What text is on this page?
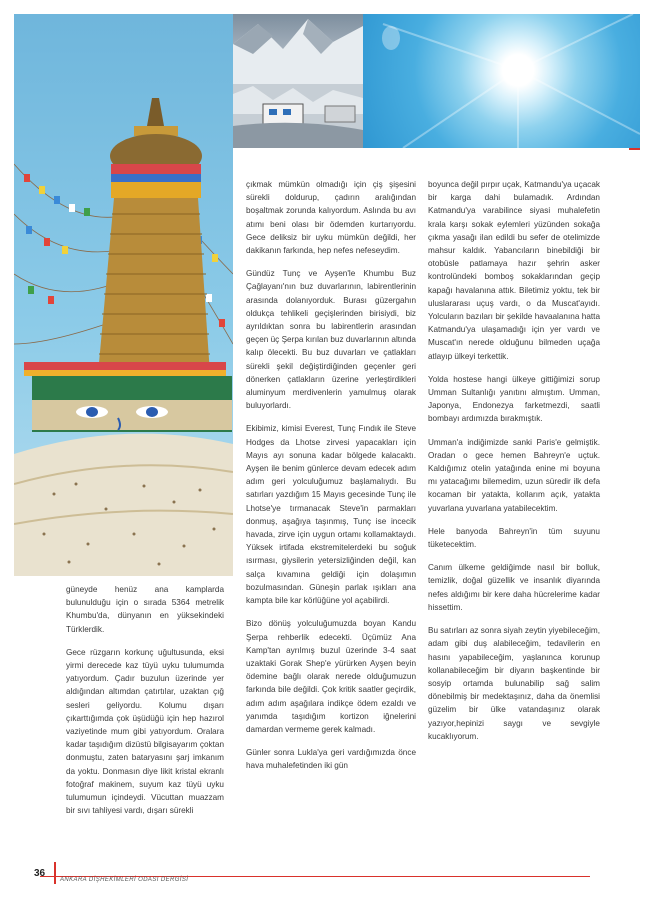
güneyde henüz ana kamplarda bulunulduğu için o sırada 5364 metrelik Khumbu'da, dünyanın en yüksekindeki Türklerdik.

Gece rüzgarın korkunç uğultusunda, eksi yirmi derecede kaz tüyü uyku tulumumda yatıyordum. Çadır buzulun üzerinde yer aldığından altımdan çatırtılar, uzaktan çığ sesleri geliyordu. Kolumu dışarı çıkarttığımda çok üşüdüğü için hep hazırol vaziyetinde mum gibi yatıyordum. Oralara kadar taşıdığım dizüstü bilgisayarım çoktan donmuştu, zaten bataryasını şarj imkanım da yoktu. Donmasın diye likit kristal ekranlı fotoğraf makinem, suyum kaz tüyü uyku tulumumun içindeydi. Vücuttan muazzam bir sıvı tahliyesi vardı, dışarı sürekli

çıkmak mümkün olmadığı için çiş şişesini sürekli doldurup, çadırın aralığından boşaltmak zorunda kalıyordum. Aslında bu avı atımı beni olası bir ödemden kurtarıyordu. Gece deliksiz bir uyku mümkün değildi, her dakikanın farkında, hep nefes nefeseydim.

Gündüz Tunç ve Ayşen'le Khumbu Buz Çağlayanı'nın buz duvarlarının, labirentlerinin arasında dolanıyorduk. Burası güzergahın oldukça tehlikeli geçişlerinden birisiydi, biz ayrıldıktan sonra bu labirentlerin arasından geçen üç Şerpa kırılan buz duvarlarının altında kalıp ölecekti. Bu buz duvarları ve çatlakları sürekli şekil değiştirdiğinden geçenler geri dönerken çatlakların üzerine yerleştirdikleri aluminyum merdivenlerin yamulmuş olarak buluyorlardı.

Ekibimiz, kimisi Everest, Tunç Fındık ile Steve Hodges da Lhotse zirvesi yapacakları için Mayıs ayı sonuna kadar bölgede kalacaktı. Ayşen ile benim günlerce devam edecek adım adım geri yolculuğumuz başlamalıydı. Bu satırları yazdığım 15 Mayıs gecesinde Tunç ile Lhotse'ye tırmanacak Steve'in parmakları donmuş, aşağıya taşınmış, Tunç ise incecik havada, zirve için uygun ortamı kollamaktaydı. Yüksek irtifada ekstremitelerdeki bu soğuk ısırması, giysilerin yetersizliğinden değil, kan salça kıvamına geldiği için dolaşımın bozulmasından. Güneşin parlak ışıkları ana kampta bile kar körlüğüne yol açabilirdi.

Bizo dönüş yolculuğumuzda boyan Kandu Şerpa rehberlik edecekti. Üçümüz Ana Kamp'tan ayrılmış buzul üzerinde 3-4 saat uzaktaki Gorak Shep'e yürürken Ayşen beyin ödemine bağlı olarak nerede olduğumuzun farkında bile değildi. Çok kritik saatler geçirdik, adım adım aşağılara indikçe ödem ezaldı ve yanımda taşıdığım kortizon iğnelerini damardan vermeme gerek kalmadı.

Günler sonra Lukla'ya geri vardığımızda önce hava muhalefetinden iki gün

boyunca değil pırpır uçak, Katmandu'ya uçacak bir karga dahi bulamadık. Ardından Katmandu'ya varabilince siyasi muhalefetin krala karşı sokak eylemleri yüzünden sokağa çıkma yasağı ilan edildi bu sefer de otelimizde mahsur kaldık. Yabancıların binebildiği bir otobüsle patlamaya hazır şehrin asker kontrolündeki bomboş sokaklarından geçip kapağı havalanına attık. Biletimiz yoktu, tek bir uluslararası uçuş vardı, o da Muscat'ayıdı. Yolcuların bazıları bir şekilde havaalanına hatta Katmandu'ya ulaşamadığı için yer vardı ve Muscat'ın nerede olduğunu bilmeden uçağa atlayıp ülkeyi terkettik.

Yolda hostese hangi ülkeye gittiğimizi sorup Umman Sultanlığı yanıtını almıştım. Umman, Japonya, Endonezya farketmezdi, saatli bombayı ardımızda bırakmıştık.

Umman'a indiğimizde sanki Paris'e gelmiştik. Oradan o gece hemen Bahreyn'e uçtuk. Kaldığımız otelin yatağında enine mi boyuna mı yatacağımı bilemedim, uzun süredir ilk defa kocaman bir yatakta, kollarım açık, yatakta yuvarlana yuvarlana yatabilecektim.

Hele banyoda Bahreyn'in tüm suyunu tüketecektim.

Canım ülkeme geldiğimde nasıl bir bolluk, temizlik, doğal güzellik ve insanlık diyarında nefes aldığımı bir kere daha hücrelerime kadar hissettim.

Bu satırları az sonra siyah zeytin yiyebileceğim, adam gibi duş alabileceğim, tedavilerin en hasını yapabileceğim, yaşlanınca korunup kollanabileceğim bir diyarın başkentinde bir sosyip ortamda bulunabilip sağ salim dönebilmiş bir medektaşınız, daha da önemlisi güzelim bir ülke vatandaşınız olarak yazıyor,hepinizi saygı ve sevgiyle kucaklıyorum.

36
ANKARA DİŞHEKİMLERİ ODASI DERGİSİ
